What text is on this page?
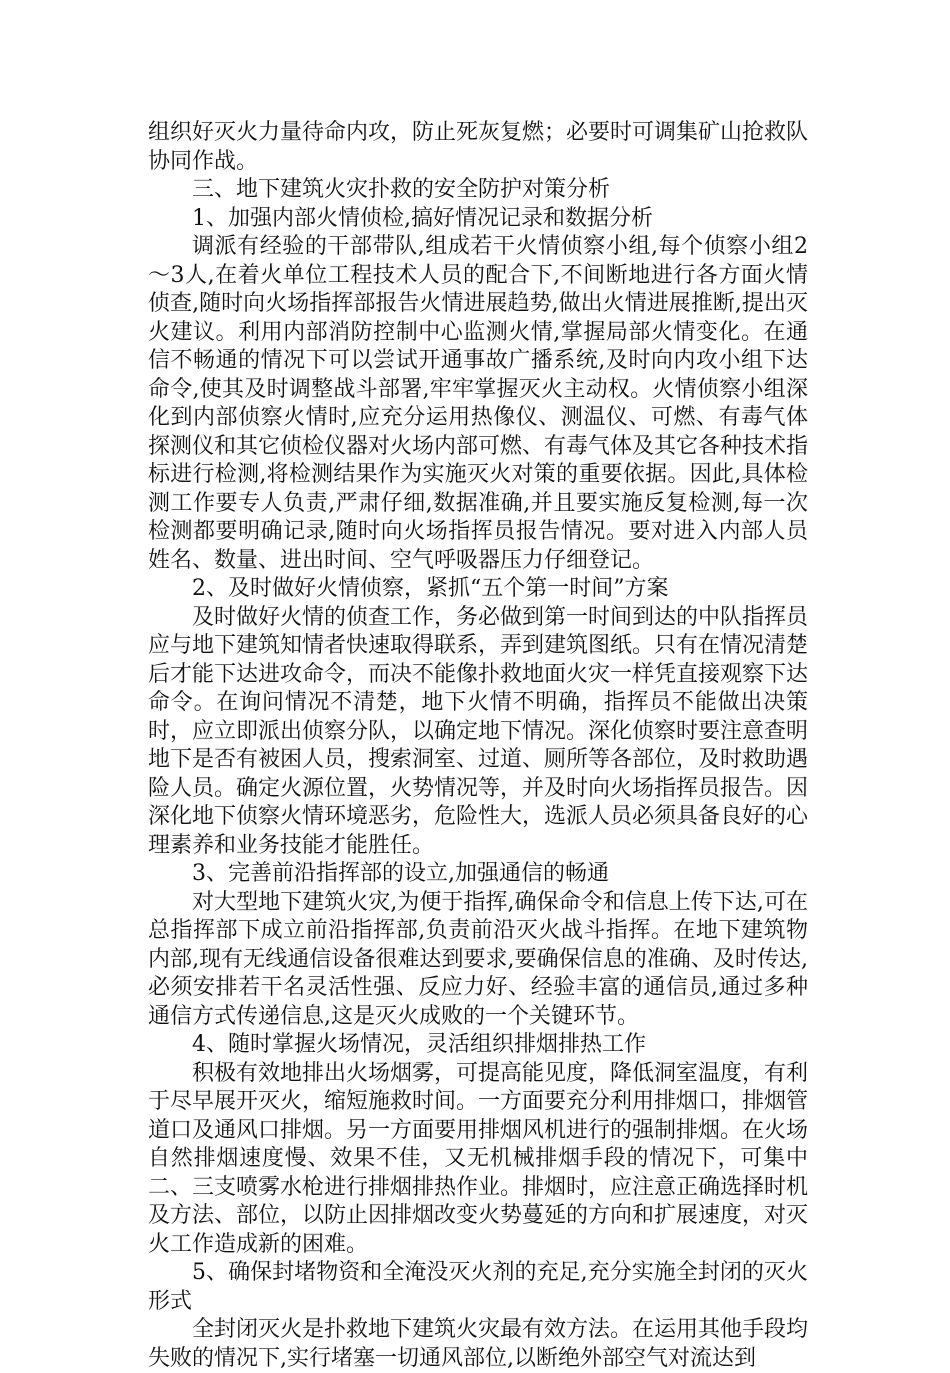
组织好灭火力量待命内攻，防止死灰复燃；必要时可调集矿山抢救队协同作战。

三、地下建筑火灾扑救的安全防护对策分析

1、加强内部火情侦检,搞好情况记录和数据分析

调派有经验的干部带队,组成若干火情侦察小组,每个侦察小组2～3人,在着火单位工程技术人员的配合下,不间断地进行各方面火情侦查,随时向火场指挥部报告火情进展趋势,做出火情进展推断,提出灭火建议。利用内部消防控制中心监测火情,掌握局部火情变化。在通信不畅通的情况下可以尝试开通事故广播系统,及时向内攻小组下达命令,使其及时调整战斗部署,牢牢掌握灭火主动权。火情侦察小组深化到内部侦察火情时,应充分运用热像仪、测温仪、可燃、有毒气体探测仪和其它侦检仪器对火场内部可燃、有毒气体及其它各种技术指标进行检测,将检测结果作为实施灭火对策的重要依据。因此,具体检测工作要专人负责,严肃仔细,数据准确,并且要实施反复检测,每一次检测都要明确记录,随时向火场指挥员报告情况。要对进入内部人员姓名、数量、进出时间、空气呼吸器压力仔细登记。

2、及时做好火情侦察，紧抓“五个第一时间”方案

及时做好火情的侦查工作，务必做到第一时间到达的中队指挥员应与地下建筑知情者快速取得联系，弄到建筑图纸。只有在情况清楚后才能下达进攻命令，而决不能像扑救地面火灾一样凭直接观察下达命令。在询问情况不清楚，地下火情不明确，指挥员不能做出决策时，应立即派出侦察分队，以确定地下情况。深化侦察时要注意查明地下是否有被困人员，搜索洞室、过道、厕所等各部位，及时救助遇险人员。确定火源位置，火势情况等，并及时向火场指挥员报告。因深化地下侦察火情环境恶劣，危险性大，选派人员必须具备良好的心理素养和业务技能才能胜任。

3、完善前沿指挥部的设立,加强通信的畅通

对大型地下建筑火灾,为便于指挥,确保命令和信息上传下达,可在总指挥部下成立前沿指挥部,负责前沿灭火战斗指挥。在地下建筑物内部,现有无线通信设备很难达到要求,要确保信息的准确、及时传达,必须安排若干名灵活性强、反应力好、经验丰富的通信员,通过多种通信方式传递信息,这是灭火成败的一个关键环节。

4、随时掌握火场情况，灵活组织排烟排热工作

积极有效地排出火场烟雾，可提高能见度，降低洞室温度，有利于尽早展开灭火，缩短施救时间。一方面要充分利用排烟口，排烟管道口及通风口排烟。另一方面要用排烟风机进行的强制排烟。在火场自然排烟速度慢、效果不佳，又无机械排烟手段的情况下，可集中二、三支喷雾水枪进行排烟排热作业。排烟时，应注意正确选择时机及方法、部位，以防止因排烟改变火势蔓延的方向和扩展速度，对灭火工作造成新的困难。

5、确保封堵物资和全淹没灭火剂的充足,充分实施全封闭的灭火形式

全封闭灭火是扑救地下建筑火灾最有效方法。在运用其他手段均失败的情况下,实行堵塞一切通风部位,以断绝外部空气对流达到
